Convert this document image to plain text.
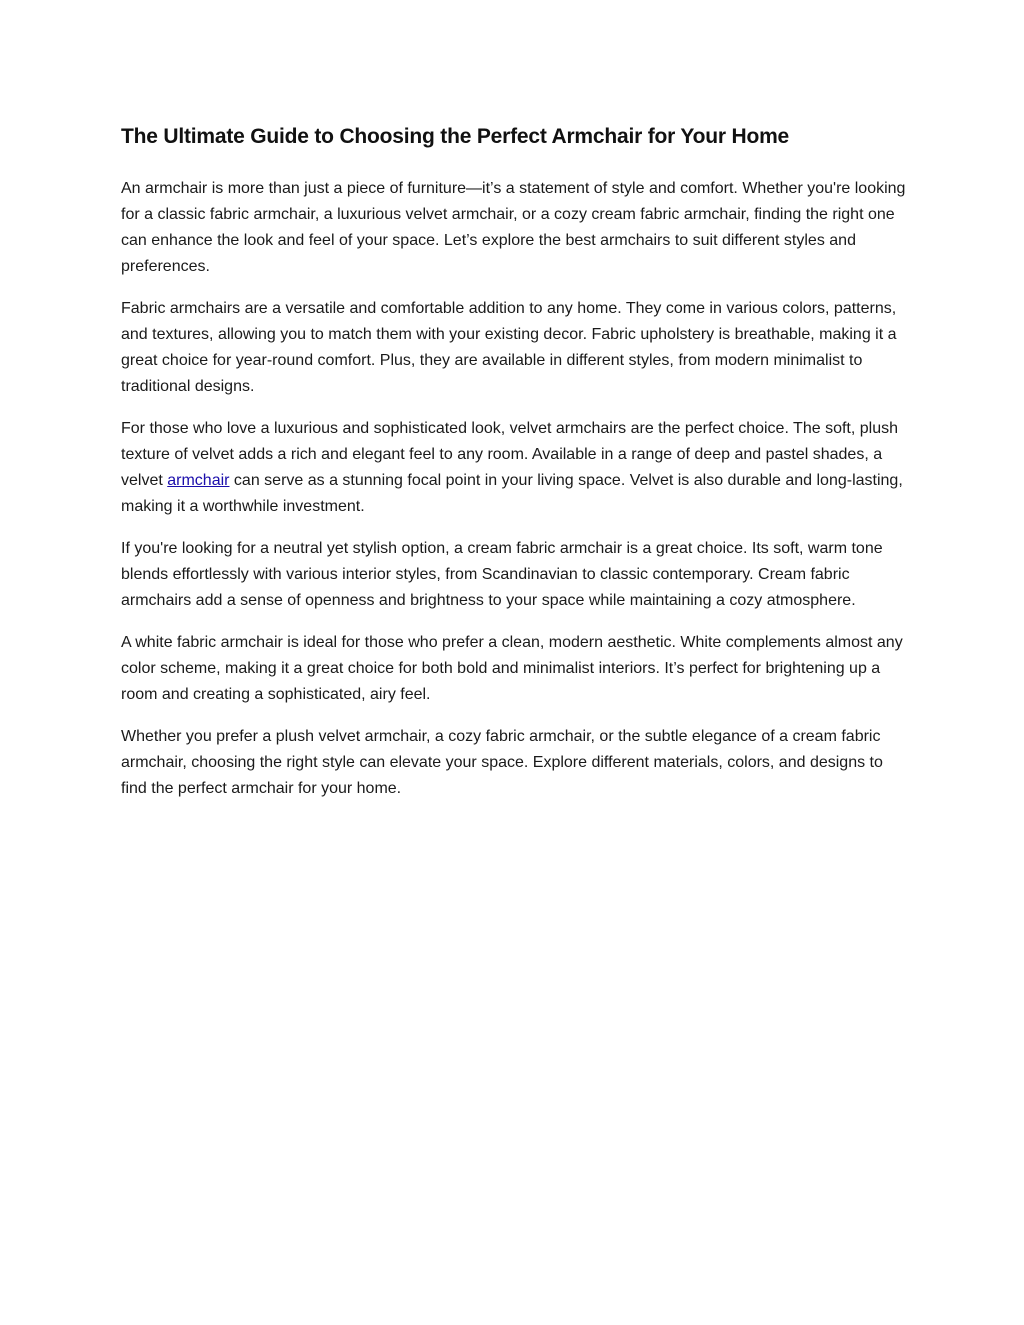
The Ultimate Guide to Choosing the Perfect Armchair for Your Home

An armchair is more than just a piece of furniture—it’s a statement of style and comfort. Whether you're looking for a classic fabric armchair, a luxurious velvet armchair, or a cozy cream fabric armchair, finding the right one can enhance the look and feel of your space. Let’s explore the best armchairs to suit different styles and preferences.

Fabric armchairs are a versatile and comfortable addition to any home. They come in various colors, patterns, and textures, allowing you to match them with your existing decor. Fabric upholstery is breathable, making it a great choice for year-round comfort. Plus, they are available in different styles, from modern minimalist to traditional designs.

For those who love a luxurious and sophisticated look, velvet armchairs are the perfect choice. The soft, plush texture of velvet adds a rich and elegant feel to any room. Available in a range of deep and pastel shades, a velvet armchair can serve as a stunning focal point in your living space. Velvet is also durable and long-lasting, making it a worthwhile investment.

If you're looking for a neutral yet stylish option, a cream fabric armchair is a great choice. Its soft, warm tone blends effortlessly with various interior styles, from Scandinavian to classic contemporary. Cream fabric armchairs add a sense of openness and brightness to your space while maintaining a cozy atmosphere.

A white fabric armchair is ideal for those who prefer a clean, modern aesthetic. White complements almost any color scheme, making it a great choice for both bold and minimalist interiors. It’s perfect for brightening up a room and creating a sophisticated, airy feel.

Whether you prefer a plush velvet armchair, a cozy fabric armchair, or the subtle elegance of a cream fabric armchair, choosing the right style can elevate your space. Explore different materials, colors, and designs to find the perfect armchair for your home.
